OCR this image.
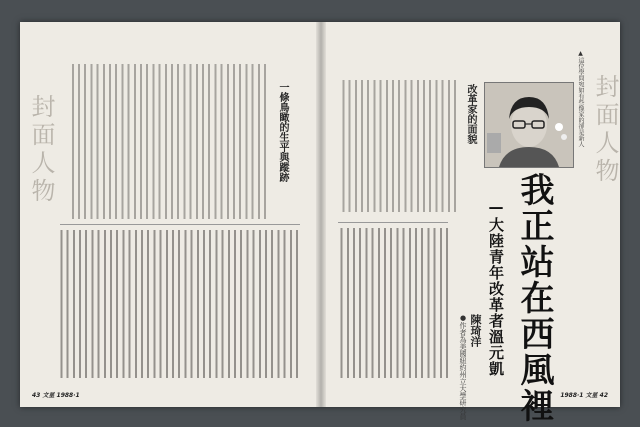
封面人物	一條鳥瞰的生平與蹤跡
43 文星 1988·1
封面人物
▲這位學問宛如有些像家的卻是新人
改革家的面貌
我正站在西風裡
—大陸青年改革者溫元凱
陳琦洋
●作者為美國紐約州立大學研究員	1988·1 文星 42
